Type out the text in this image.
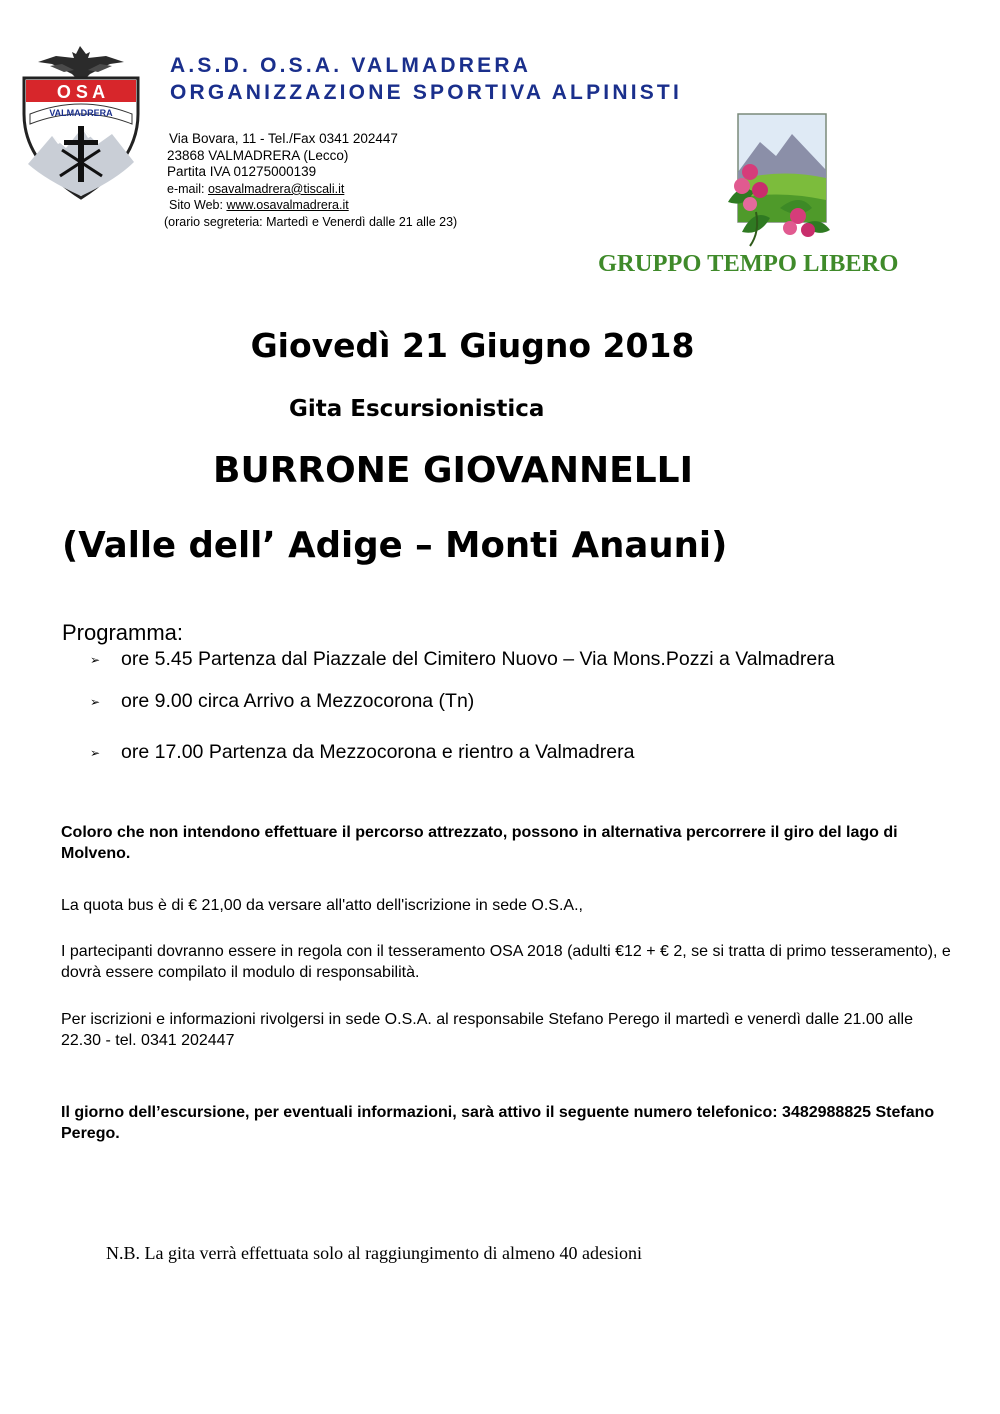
O S A
VALMADRERA
A.S.D. O.S.A. VALMADRERA
ORGANIZZAZIONE SPORTIVA ALPINISTI
Via Bovara, 11 - Tel./Fax 0341 202447
23868 VALMADRERA (Lecco)
Partita IVA 01275000139
e-mail: osavalmadrera@tiscali.it
Sito Web: www.osavalmadrera.it
(orario segreteria: Martedì e Venerdì dalle 21 alle 23)
GRUPPO TEMPO LIBERO
Giovedì 21 Giugno 2018
Gita Escursionistica
BURRONE GIOVANNELLI
(Valle dell’ Adige – Monti Anauni)
Programma:
➢ ore 5.45 Partenza dal Piazzale del Cimitero Nuovo – Via Mons.Pozzi a Valmadrera
➢ ore 9.00 circa Arrivo a Mezzocorona (Tn)
➢ ore 17.00 Partenza da Mezzocorona e rientro a Valmadrera
Coloro che non intendono effettuare il percorso attrezzato, possono in alternativa percorrere il giro del lago di Molveno.
La quota bus è di € 21,00 da versare all'atto dell'iscrizione in sede O.S.A.,
I partecipanti dovranno essere in regola con il tesseramento OSA 2018 (adulti €12 + € 2, se si tratta di primo tesseramento), e dovrà essere compilato il modulo di responsabilità.
Per iscrizioni e informazioni rivolgersi in sede O.S.A. al responsabile Stefano Perego il martedì e venerdì dalle 21.00 alle 22.30 - tel. 0341 202447
Il giorno dell’escursione, per eventuali informazioni, sarà attivo il seguente numero telefonico: 3482988825 Stefano Perego.
N.B. La gita verrà effettuata solo al raggiungimento di almeno 40 adesioni
